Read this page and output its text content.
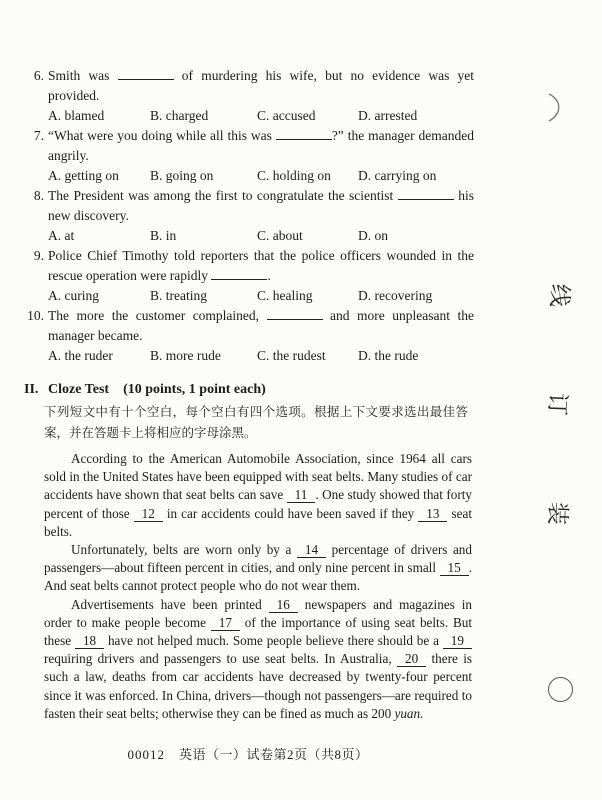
6. Smith was	of murdering his wife, but no evidence was yet provided.
A. blamed	B. charged	C. accused	D. arrested
7. “What were you doing while all this was	?” the manager demanded angrily.
A. getting on	B. going on	C. holding on	D. carrying on
8. The President was among the first to congratulate the scientist	his new discovery.
A. at	B. in	C. about	D. on
9. Police Chief Timothy told reporters that the police officers wounded in the rescue operation were rapidly	.
A. curing	B. treating	C. healing	D. recovering
10. The more the customer complained,	and more unpleasant the manager became.
A. the ruder	B. more rude	C. the rudest	D. the rude
II. Cloze Test (10 points, 1 point each)
下列短文中有十个空白，每个空白有四个选项。根据上下文要求选出最佳答案，并在答题卡上将相应的字母涂黑。

According to the American Automobile Association, since 1964 all cars sold in the United States have been equipped with seat belts. Many studies of car accidents have shown that seat belts can save 11 . One study showed that forty percent of those 12 in car accidents could have been saved if they 13 seat belts.

Unfortunately, belts are worn only by a 14 percentage of drivers and passengers—about fifteen percent in cities, and only nine percent in small 15 . And seat belts cannot protect people who do not wear them.

Advertisements have been printed 16 newspapers and magazines in order to make people become 17 of the importance of using seat belts. But these 18 have not helped much. Some people believe there should be a 19 requiring drivers and passengers to use seat belts. In Australia, 20 there is such a law, deaths from car accidents have decreased by twenty-four percent since it was enforced. In China, drivers—though not passengers—are required to fasten their seat belts; otherwise they can be fined as much as 200 yuan.

00012 英语（一）试卷第2页（共8页）
线
订
装
